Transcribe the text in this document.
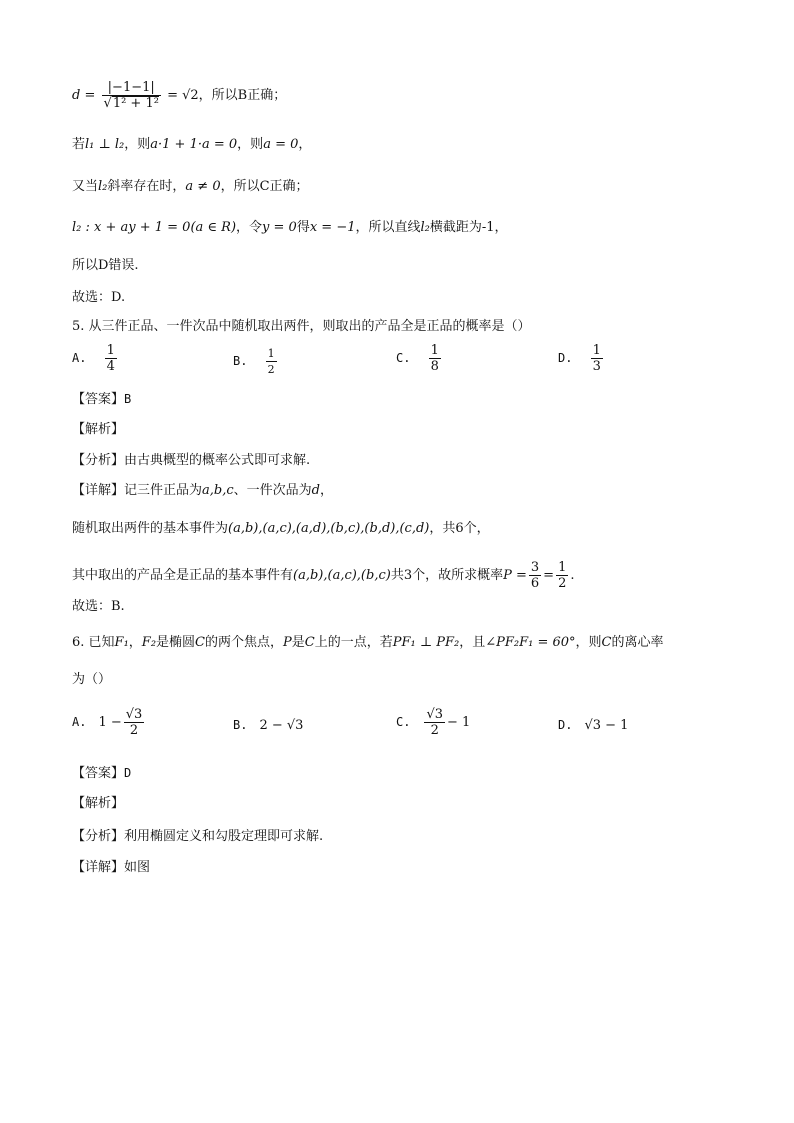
$d = \frac{|-1-1|}{\text{√1² + 1²}} = √2$，所以B正确；
若l₁ ⊥ l₂，则a·1 + 1·a = 0，则a = 0，
又当l₂斜率存在时，a ≠ 0，所以C正确；
l₂ : x + ay + 1 = 0(a ∈ R)，令y = 0得x = −1，所以直线l₂横截距为-1，
所以D错误.
故选：D.
5. 从三件正品、一件次品中随机取出两件，则取出的产品全是正品的概率是（）
A. $\frac{1}{4}$	B. $\frac{1}{2}$	C. $\frac{1}{8}$	D. $\frac{1}{3}$
【答案】B
【解析】
【分析】由古典概型的概率公式即可求解.
【详解】记三件正品为a,b,c、一件次品为d，
随机取出两件的基本事件为(a,b),(a,c),(a,d),(b,c),(b,d),(c,d)，共6个，
其中取出的产品全是正品的基本事件有(a,b),(a,c),(b,c)共3个，故所求概率$P = \frac{3}{6} = \frac{1}{2}$ .
故选：B.
6. 已知F₁，F₂是椭圆C的两个焦点，P是C上的一点，若PF₁ ⊥ PF₂，且∠PF₂F₁ = 60°，则C的离心率
为（）
A. $1 - \frac{√3}{2}$	B. 2 − √3	C. $\frac{√3}{2} - 1$	D. √3 − 1
【答案】D
【解析】
【分析】利用椭圆定义和勾股定理即可求解.
【详解】如图
